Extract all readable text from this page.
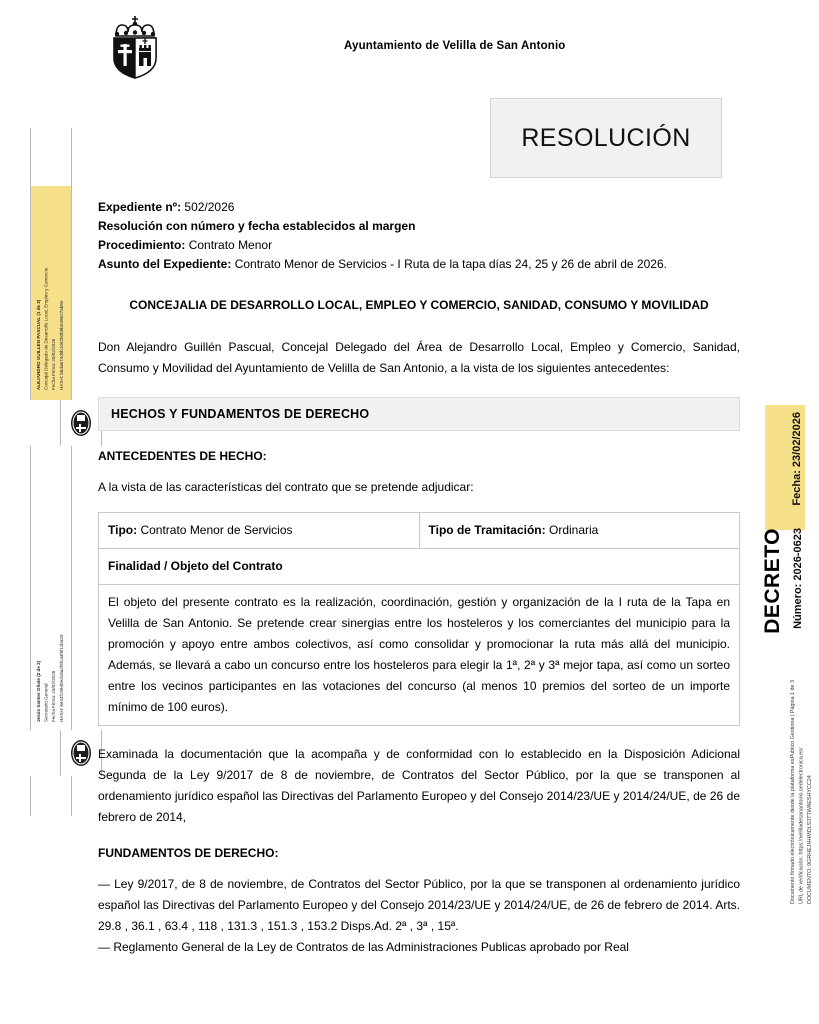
ALEJANDRO GUILLEN PASCUAL (1 de 2) Concejal Delegado de Desarrollo Local, Empleo y Comercio Fecha Firma: 20/02/2026 HASH: b6da674d0b1082b0b9b549627ab8e
Jesús Santos Oñate (2 de 2) Secretario General Fecha Firma: 23/02/2026 HASH: 6e44f199d0ed18a2f5fca3f5f11ba29
Fecha: 23/02/2026
DECRETO Número: 2026-0623
Documento firmado electrónicamente desde la plataforma esPublico Gestiona | Página 1 de 3 URL de verificación: https://velilladesanantonio.sedelectronica.es/ DOCUMENTO: 9GRHEJHHMDLS3TTWAESHYCC24
Ayuntamiento de Velilla de San Antonio
RESOLUCIÓN
Expediente nº: 502/2026
Resolución con número y fecha establecidos al margen
Procedimiento: Contrato Menor
Asunto del Expediente: Contrato Menor de Servicios - I Ruta de la tapa días 24, 25 y 26 de abril de 2026.
CONCEJALIA DE DESARROLLO LOCAL, EMPLEO Y COMERCIO, SANIDAD, CONSUMO Y MOVILIDAD

Don Alejandro Guillén Pascual, Concejal Delegado del Área de Desarrollo Local, Empleo y Comercio, Sanidad, Consumo y Movilidad del Ayuntamiento de Velilla de San Antonio, a la vista de los siguientes antecedentes:

HECHOS Y FUNDAMENTOS DE DERECHO
ANTECEDENTES DE HECHO:

A la vista de las características del contrato que se pretende adjudicar:

Tipo: Contrato Menor de Servicios	Tipo de Tramitación: Ordinaria
Finalidad / Objeto del Contrato
El objeto del presente contrato es la realización, coordinación, gestión y organización de la I ruta de la Tapa en Velilla de San Antonio. Se pretende crear sinergias entre los hosteleros y los comerciantes del municipio para la promoción y apoyo entre ambos colectivos, así como consolidar y promocionar la ruta más allá del municipio. Además, se llevará a cabo un concurso entre los hosteleros para elegir la 1ª, 2ª y 3ª mejor tapa, así como un sorteo entre los vecinos participantes en las votaciones del concurso (al menos 10 premios del sorteo de un importe mínimo de 100 euros).

Examinada la documentación que la acompaña y de conformidad con lo establecido en la Disposición Adicional Segunda de la Ley 9/2017 de 8 de noviembre, de Contratos del Sector Público, por la que se transponen al ordenamiento jurídico español las Directivas del Parlamento Europeo y del Consejo 2014/23/UE y 2014/24/UE, de 26 de febrero de 2014,

FUNDAMENTOS DE DERECHO:

— Ley 9/2017, de 8 de noviembre, de Contratos del Sector Público, por la que se transponen al ordenamiento jurídico español las Directivas del Parlamento Europeo y del Consejo 2014/23/UE y 2014/24/UE, de 26 de febrero de 2014. Arts. 29.8 , 36.1 , 63.4 , 118 , 131.3 , 151.3 , 153.2 Disps.Ad. 2ª , 3ª , 15ª.

— Reglamento General de la Ley de Contratos de las Administraciones Publicas aprobado por Real
